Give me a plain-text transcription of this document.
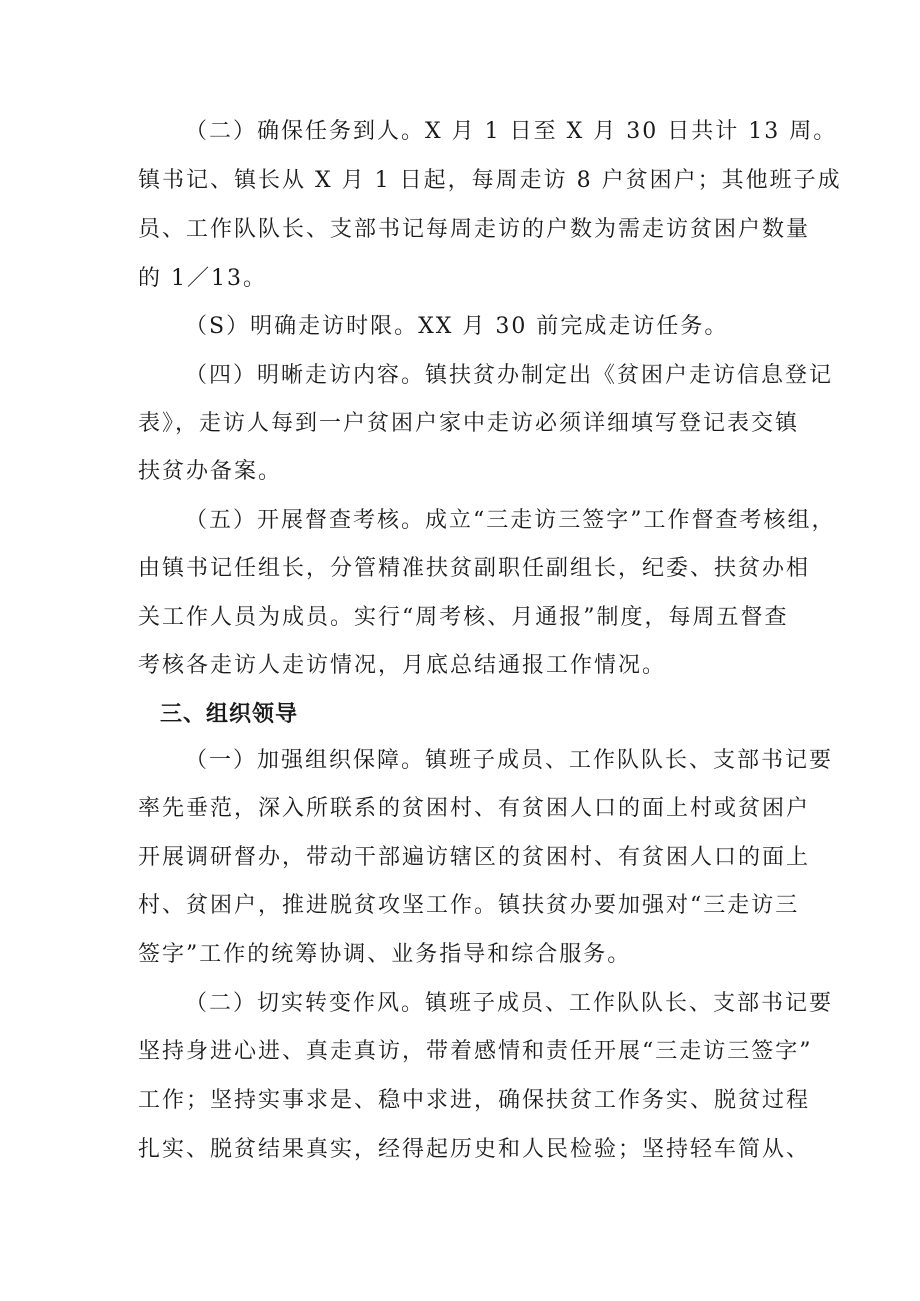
（二）确保任务到人。X 月 1 日至 X 月 30 日共计 13 周。
镇书记、镇长从 X 月 1 日起，每周走访 8 户贫困户；其他班子成
员、工作队队长、支部书记每周走访的户数为需走访贫困户数量
的 1／13。
（S）明确走访时限。XX 月 30 前完成走访任务。
（四）明晰走访内容。镇扶贫办制定出《贫困户走访信息登记
表》，走访人每到一户贫困户家中走访必须详细填写登记表交镇
扶贫办备案。
（五）开展督查考核。成立“三走访三签字”工作督查考核组，
由镇书记任组长，分管精准扶贫副职任副组长，纪委、扶贫办相
关工作人员为成员。实行“周考核、月通报”制度，每周五督查
考核各走访人走访情况，月底总结通报工作情况。
三、组织领导
（一）加强组织保障。镇班子成员、工作队队长、支部书记要
率先垂范，深入所联系的贫困村、有贫困人口的面上村或贫困户
开展调研督办，带动干部遍访辖区的贫困村、有贫困人口的面上
村、贫困户，推进脱贫攻坚工作。镇扶贫办要加强对“三走访三
签字”工作的统筹协调、业务指导和综合服务。
（二）切实转变作风。镇班子成员、工作队队长、支部书记要
坚持身进心进、真走真访，带着感情和责任开展“三走访三签字”
工作；坚持实事求是、稳中求进，确保扶贫工作务实、脱贫过程
扎实、脱贫结果真实，经得起历史和人民检验；坚持轻车简从、
